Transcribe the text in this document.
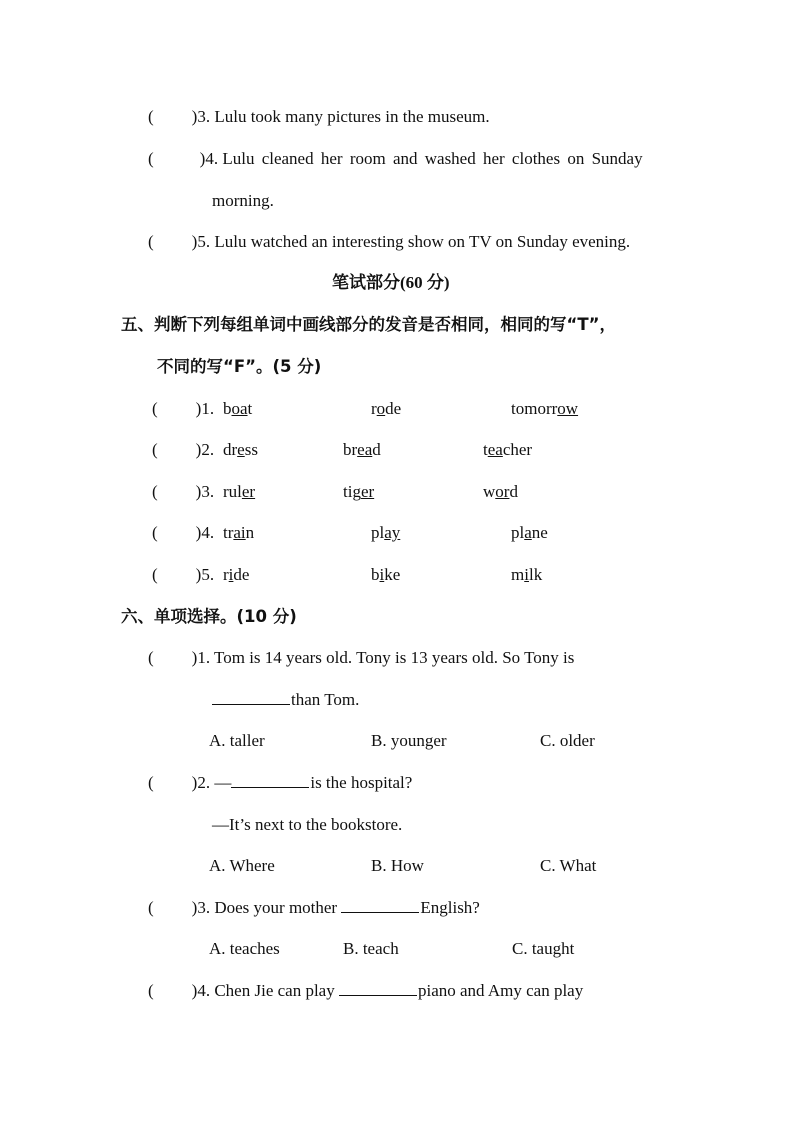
( )3. Lulu took many pictures in the museum.
(	)4. Lulu cleaned her room and washed her clothes on Sunday
morning.
( )5. Lulu watched an interesting show on TV on Sunday evening.
笔试部分(60 分)
五、判断下列每组单词中画线部分的发音是否相同，相同的写“T”，
不同的写“F”。(5 分)
( )1. boat	rode	tomorrow
( )2. dress	bread	teacher
( )3. ruler	tiger	word
( )4. train	play	plane
( )5. ride	bike	milk
六、单项选择。(10 分)
( )1. Tom is 14 years old. Tony is 13 years old. So Tony is
than Tom.
A. taller	B. younger	C. older
( )2. —	is the hospital?
—It’s next to the bookstore.
A. Where	B. How	C. What
( )3. Does your mother	English?
A. teaches	B. teach	C. taught
( )4. Chen Jie can play	piano and Amy can play
